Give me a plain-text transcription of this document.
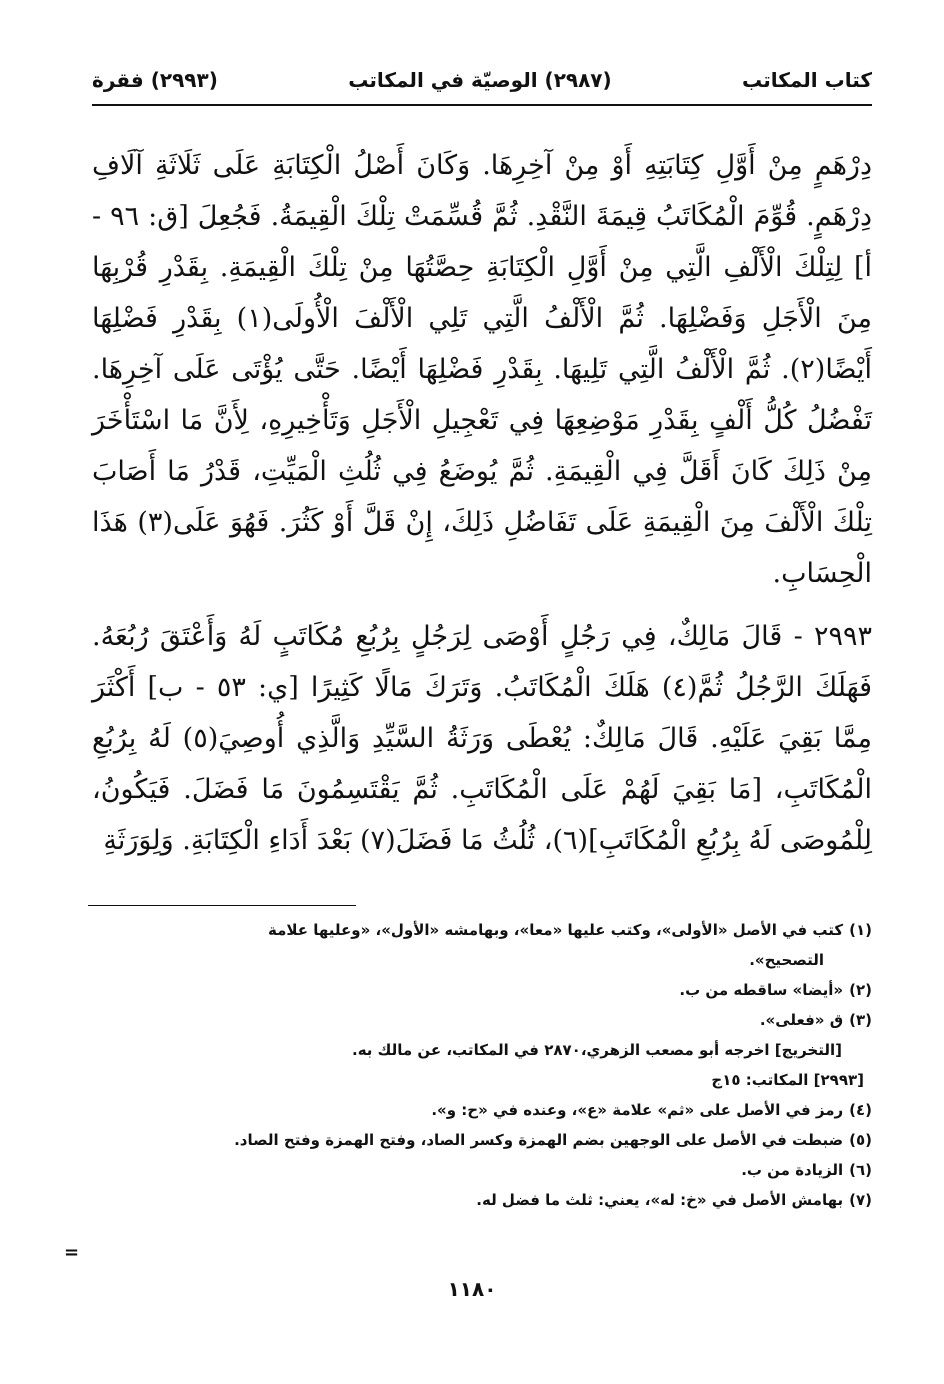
كتاب المكاتب
(٢٩٨٧) الوصيّة في المكاتب
(٢٩٩٣) فقرة
دِرْهَمٍ مِنْ أَوَّلِ كِتَابَتِهِ أَوْ مِنْ آخِرِهَا. وَكَانَ أَصْلُ الْكِتَابَةِ عَلَى ثَلَاثَةِ آلَافِ دِرْهَمٍ. قُوِّمَ الْمُكَاتَبُ قِيمَةَ النَّقْدِ. ثُمَّ قُسِّمَتْ تِلْكَ الْقِيمَةُ. فَجُعِلَ [ق: ٩٦ - أ] لِتِلْكَ الْأَلْفِ الَّتِي مِنْ أَوَّلِ الْكِتَابَةِ حِصَّتُهَا مِنْ تِلْكَ الْقِيمَةِ. بِقَدْرِ قُرْبِهَا مِنَ الْأَجَلِ وَفَضْلِهَا. ثُمَّ الْأَلْفُ الَّتِي تَلِي الْأَلْفَ الْأُولَى(١) بِقَدْرِ فَضْلِهَا أَيْضًا(٢). ثُمَّ الْأَلْفُ الَّتِي تَلِيهَا. بِقَدْرِ فَضْلِهَا أَيْضًا. حَتَّى يُؤْتَى عَلَى آخِرِهَا. تَفْضُلُ كُلُّ أَلْفٍ بِقَدْرِ مَوْضِعِهَا فِي تَعْجِيلِ الْأَجَلِ وَتَأْخِيرِهِ، لِأَنَّ مَا اسْتَأْخَرَ مِنْ ذَلِكَ كَانَ أَقَلَّ فِي الْقِيمَةِ. ثُمَّ يُوضَعُ فِي ثُلُثِ الْمَيِّتِ، قَدْرُ مَا أَصَابَ تِلْكَ الْأَلْفَ مِنَ الْقِيمَةِ عَلَى تَفَاضُلِ ذَلِكَ، إِنْ قَلَّ أَوْ كَثُرَ. فَهُوَ عَلَى(٣) هَذَا الْحِسَابِ.
٢٩٩٣ - قَالَ مَالِكٌ، فِي رَجُلٍ أَوْصَى لِرَجُلٍ بِرُبُعِ مُكَاتَبٍ لَهُ وَأَعْتَقَ رُبُعَهُ. فَهَلَكَ الرَّجُلُ ثُمَّ(٤) هَلَكَ الْمُكَاتَبُ. وَتَرَكَ مَالًا كَثِيرًا [ي: ٥٣ - ب] أَكْثَرَ مِمَّا بَقِيَ عَلَيْهِ. قَالَ مَالِكٌ: يُعْطَى وَرَثَةُ السَّيِّدِ وَالَّذِي أُوصِيَ(٥) لَهُ بِرُبُعِ الْمُكَاتَبِ، [مَا بَقِيَ لَهُمْ عَلَى الْمُكَاتَبِ. ثُمَّ يَقْتَسِمُونَ مَا فَضَلَ. فَيَكُونُ، لِلْمُوصَى لَهُ بِرُبُعِ الْمُكَاتَبِ](٦)، ثُلُثُ مَا فَضَلَ(٧) بَعْدَ أَدَاءِ الْكِتَابَةِ. وَلِوَرَثَةِ

(١)كتب في الأصل «الأولى»، وكتب عليها «معا»، وبهامشه «الأول»، «وعليها علامة

التصحيح».

(٢)«أيضا» ساقطه من ب.

(٣)ق «فعلى».

[التخريج] اخرجه أبو مصعب الزهري،٢٨٧٠ في المكاتب، عن مالك به.

[٢٩٩٣] المكاتب: ١٥ج

(٤)رمز في الأصل على «ثم» علامة «ع»، وعنده في «ح: و».

(٥)ضبطت في الأصل على الوجهين بضم الهمزة وكسر الصاد، وفتح الهمزة وفتح الصاد.

(٦)الزيادة من ب.

(٧)بهامش الأصل في «خ: له»، يعني: ثلث ما فضل له.

=
١١٨٠
